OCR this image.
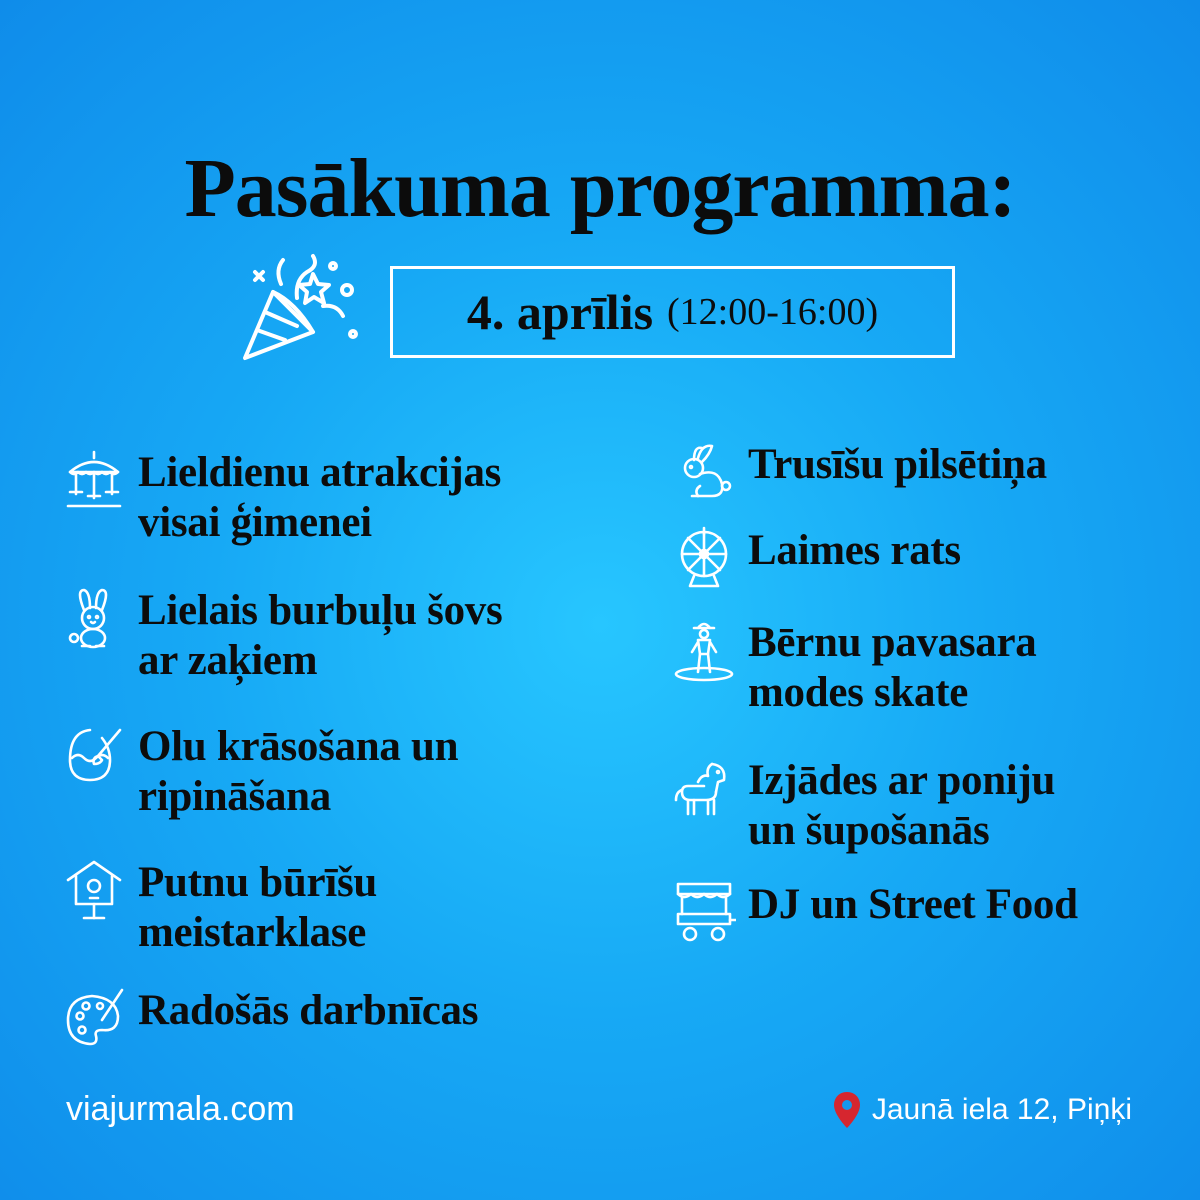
Pasākuma programma:
4. aprīlis (12:00-16:00)
Lieldienu atrakcijas
visai ģimenei
Lielais burbuļu šovs
ar zaķiem
Olu krāsošana un
ripināšana
Putnu būrīšu
meistarklase
Radošās darbnīcas
Trusīšu pilsētiņa
Laimes rats
Bērnu pavasara
modes skate
Izjādes ar poniju
un šupošanās
DJ un Street Food
viajurmala.com	Jaunā iela 12, Piņķi
